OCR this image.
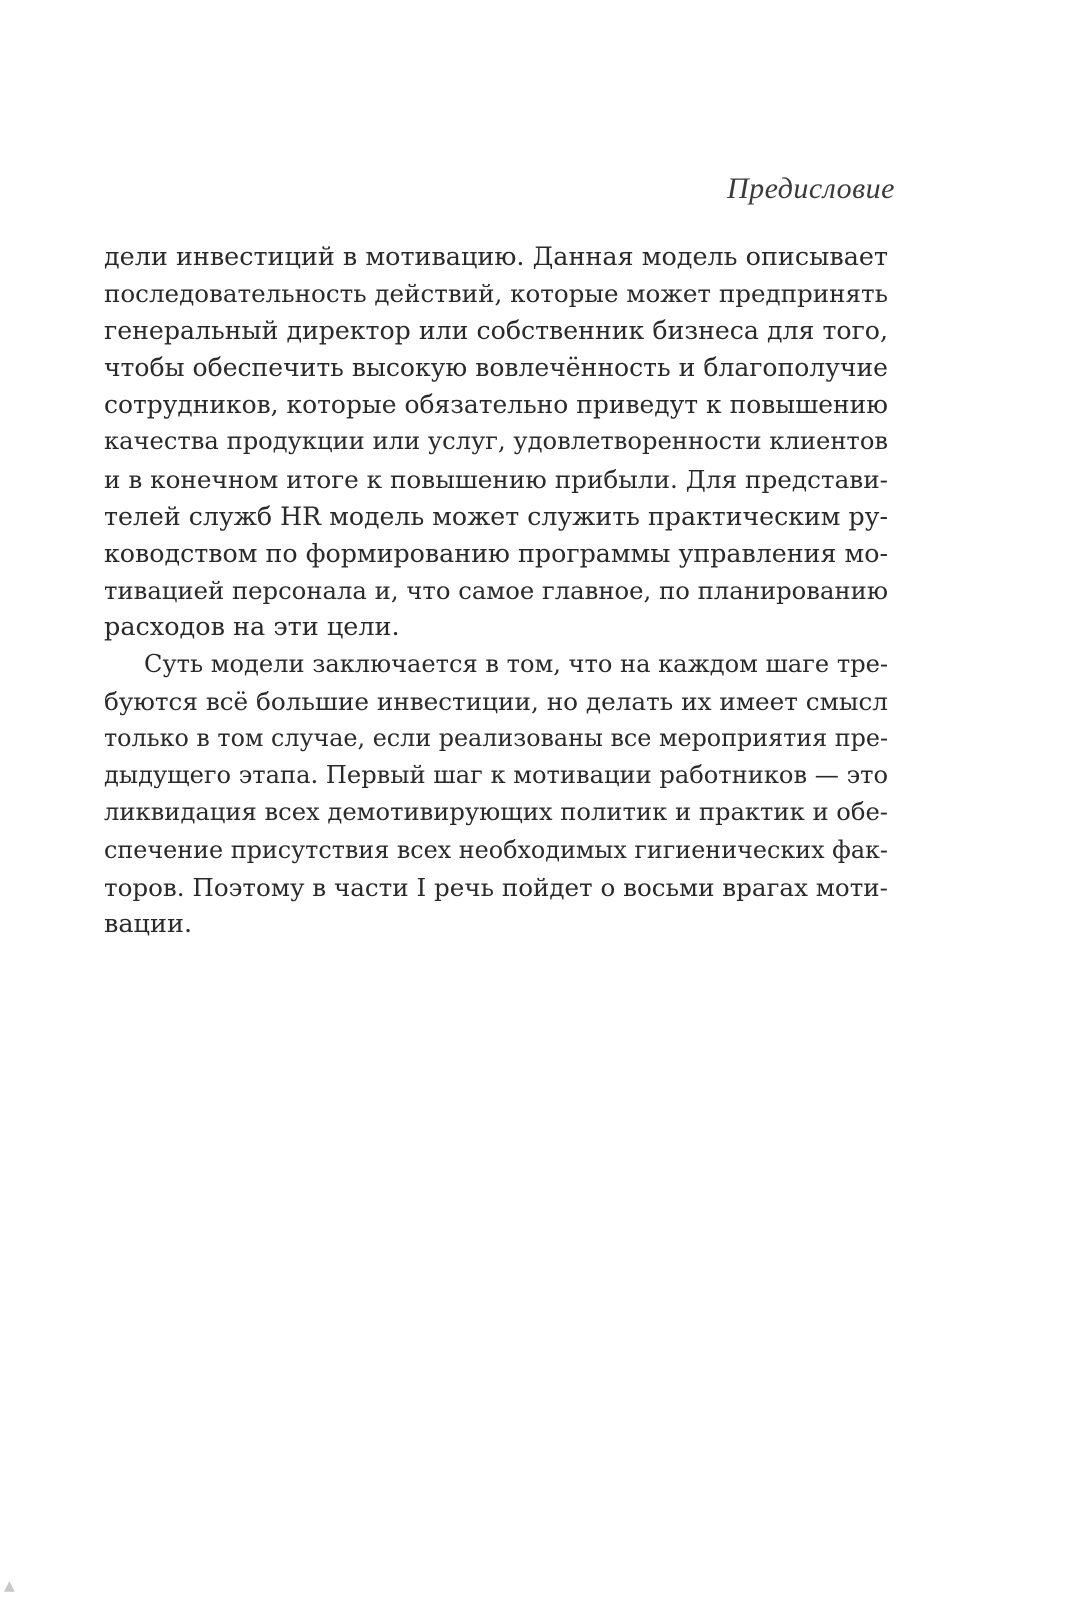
Предисловие
дели инвестиций в мотивацию. Данная модель описывает
последовательность действий, которые может предпринять
генеральный директор или собственник бизнеса для того,
чтобы обеспечить высокую вовлечённость и благополучие
сотрудников, которые обязательно приведут к повышению
качества продукции или услуг, удовлетворенности клиентов
и в конечном итоге к повышению прибыли. Для представи-
телей служб HR модель может служить практическим ру-
ководством по формированию программы управления мо-
тивацией персонала и, что самое главное, по планированию
расходов на эти цели.
Суть модели заключается в том, что на каждом шаге тре-
буются всё большие инвестиции, но делать их имеет смысл
только в том случае, если реализованы все мероприятия пре-
дыдущего этапа. Первый шаг к мотивации работников — это
ликвидация всех демотивирующих политик и практик и обе-
спечение присутствия всех необходимых гигиенических фак-
торов. Поэтому в части I речь пойдет о восьми врагах моти-
вации.
▲
